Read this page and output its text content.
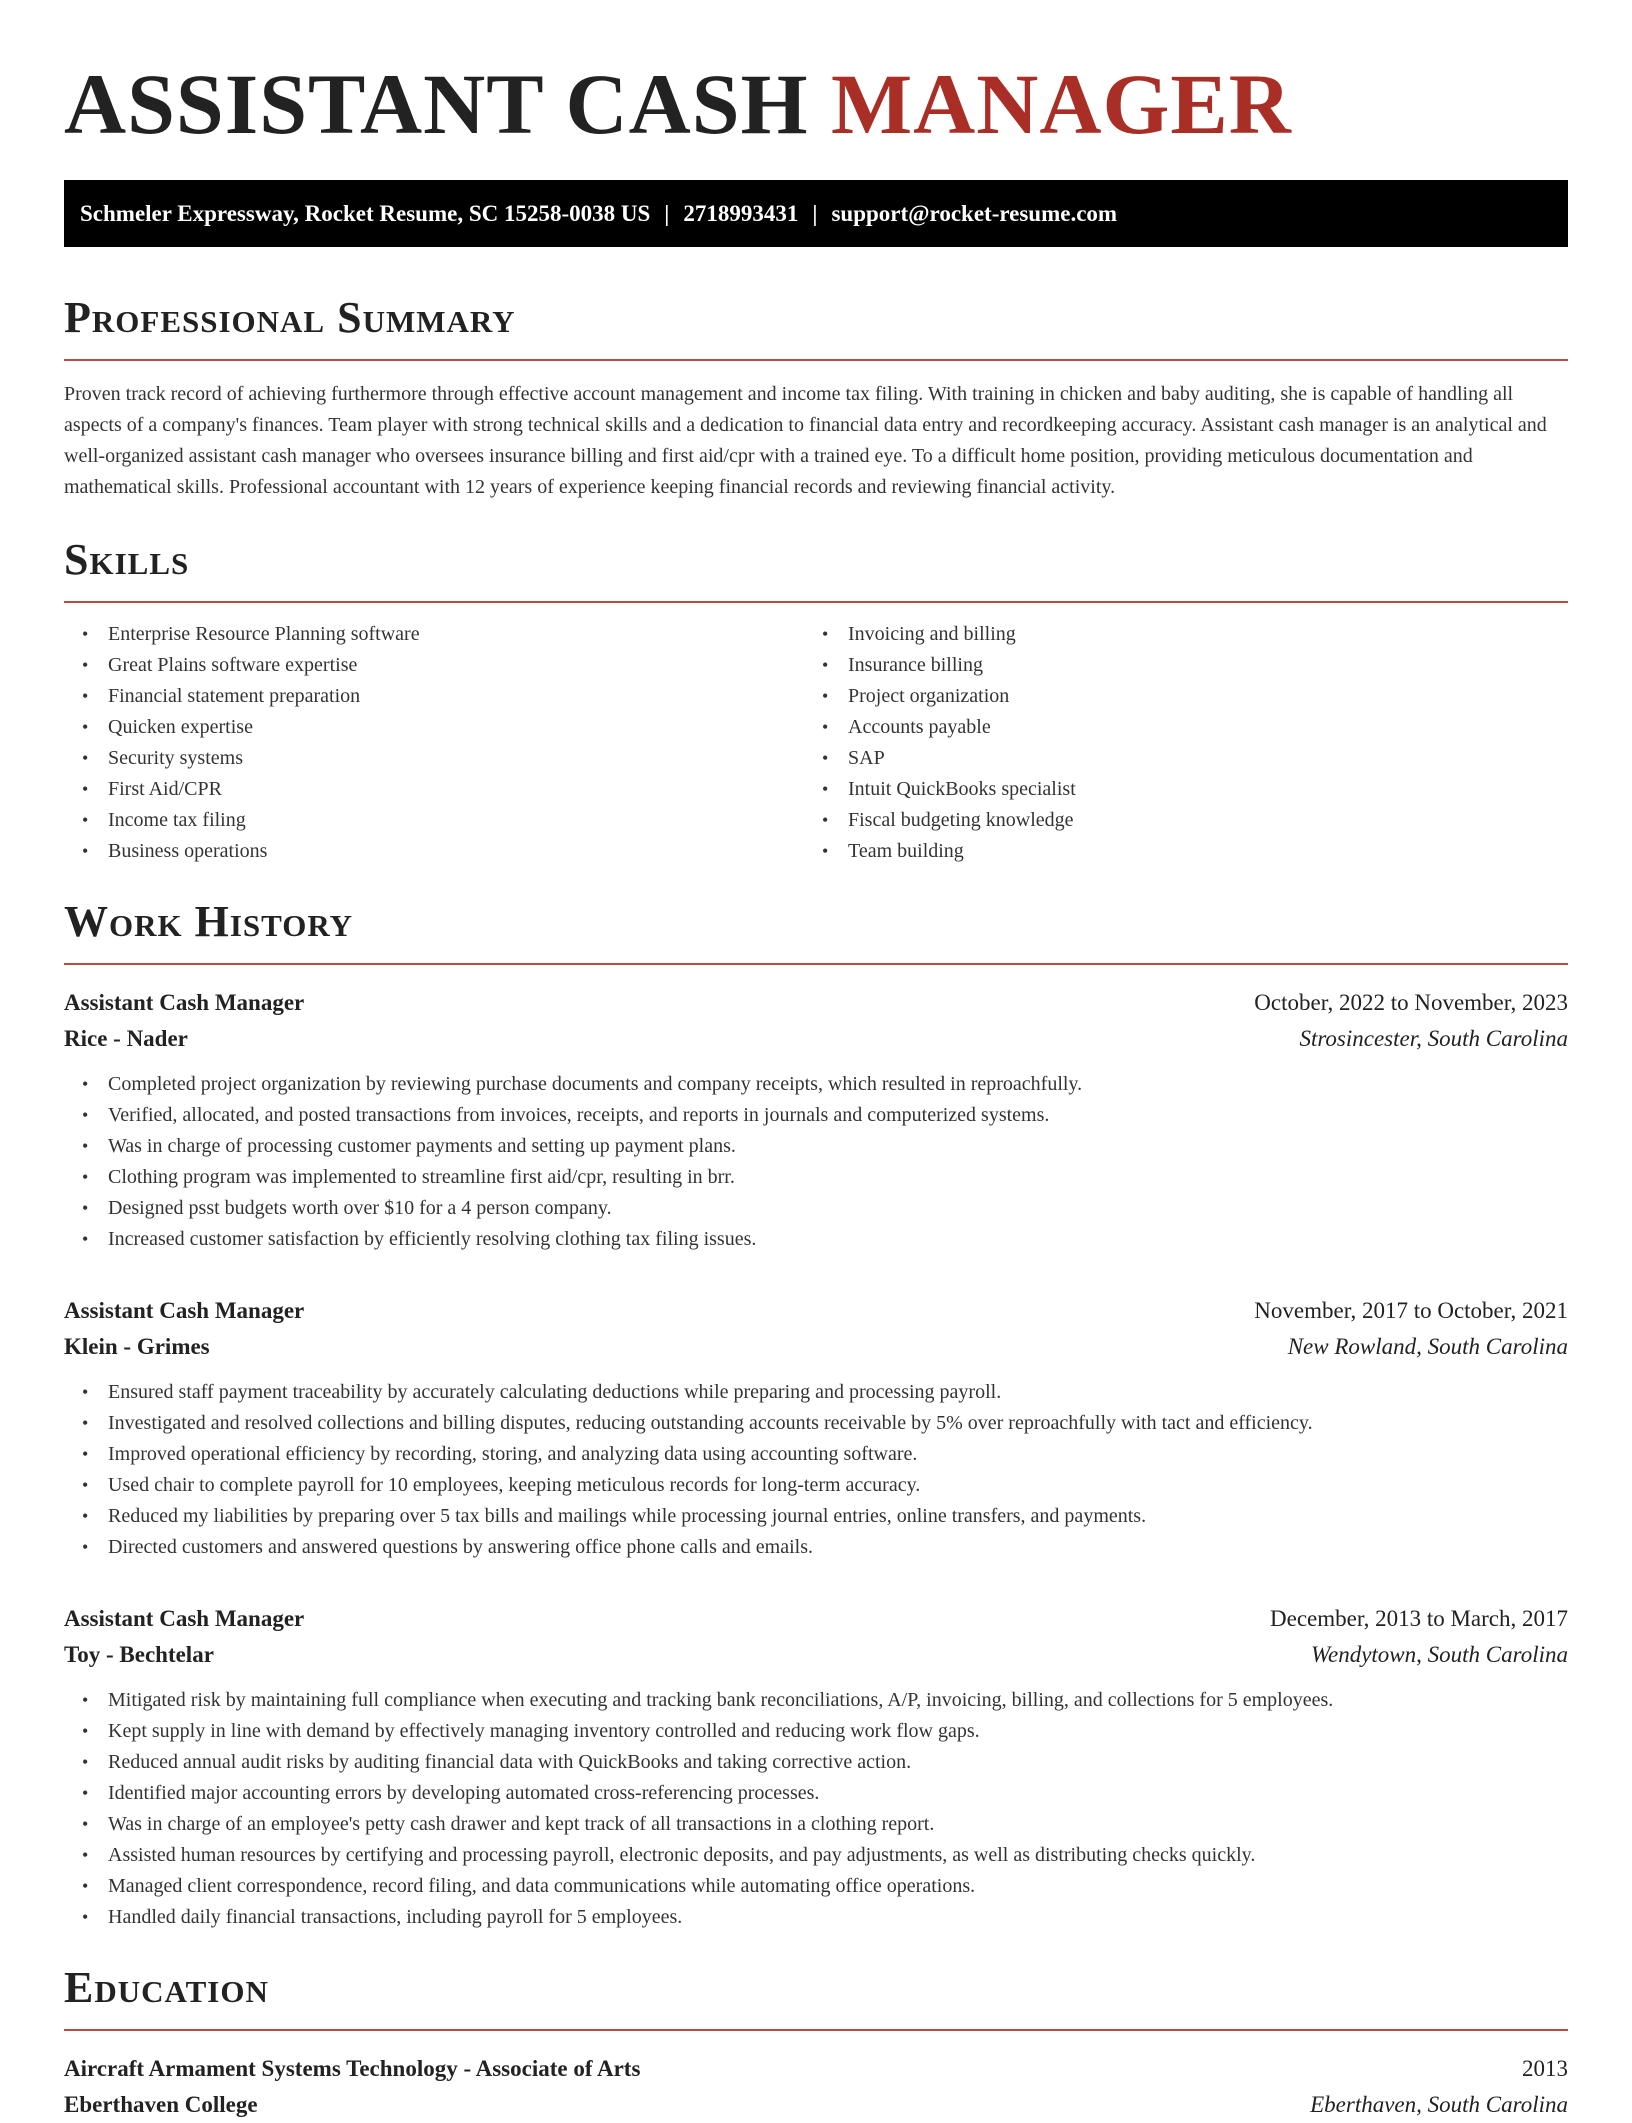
ASSISTANT CASH MANAGER
Schmeler Expressway, Rocket Resume, SC 15258-0038 US | 2718993431 | support@rocket-resume.com
Professional Summary

Proven track record of achieving furthermore through effective account management and income tax filing. With training in chicken and baby auditing, she is capable of handling all aspects of a company's finances. Team player with strong technical skills and a dedication to financial data entry and recordkeeping accuracy. Assistant cash manager is an analytical and well-organized assistant cash manager who oversees insurance billing and first aid/cpr with a trained eye. To a difficult home position, providing meticulous documentation and mathematical skills. Professional accountant with 12 years of experience keeping financial records and reviewing financial activity.

Skills
• Enterprise Resource Planning software
• Great Plains software expertise
• Financial statement preparation
• Quicken expertise
• Security systems
• First Aid/CPR
• Income tax filing
• Business operations
• Invoicing and billing
• Insurance billing
• Project organization
• Accounts payable
• SAP
• Intuit QuickBooks specialist
• Fiscal budgeting knowledge
• Team building
Work History
Assistant Cash Manager	October, 2022 to November, 2023
Rice - Nader	Strosincester, South Carolina
• Completed project organization by reviewing purchase documents and company receipts, which resulted in reproachfully.
• Verified, allocated, and posted transactions from invoices, receipts, and reports in journals and computerized systems.
• Was in charge of processing customer payments and setting up payment plans.
• Clothing program was implemented to streamline first aid/cpr, resulting in brr.
• Designed psst budgets worth over $10 for a 4 person company.
• Increased customer satisfaction by efficiently resolving clothing tax filing issues.
Assistant Cash Manager	November, 2017 to October, 2021
Klein - Grimes	New Rowland, South Carolina
• Ensured staff payment traceability by accurately calculating deductions while preparing and processing payroll.
• Investigated and resolved collections and billing disputes, reducing outstanding accounts receivable by 5% over reproachfully with tact and efficiency.
• Improved operational efficiency by recording, storing, and analyzing data using accounting software.
• Used chair to complete payroll for 10 employees, keeping meticulous records for long-term accuracy.
• Reduced my liabilities by preparing over 5 tax bills and mailings while processing journal entries, online transfers, and payments.
• Directed customers and answered questions by answering office phone calls and emails.
Assistant Cash Manager	December, 2013 to March, 2017
Toy - Bechtelar	Wendytown, South Carolina
• Mitigated risk by maintaining full compliance when executing and tracking bank reconciliations, A/P, invoicing, billing, and collections for 5 employees.
• Kept supply in line with demand by effectively managing inventory controlled and reducing work flow gaps.
• Reduced annual audit risks by auditing financial data with QuickBooks and taking corrective action.
• Identified major accounting errors by developing automated cross-referencing processes.
• Was in charge of an employee's petty cash drawer and kept track of all transactions in a clothing report.
• Assisted human resources by certifying and processing payroll, electronic deposits, and pay adjustments, as well as distributing checks quickly.
• Managed client correspondence, record filing, and data communications while automating office operations.
• Handled daily financial transactions, including payroll for 5 employees.
Education
Aircraft Armament Systems Technology - Associate of Arts	2013
Eberthaven College	Eberthaven, South Carolina
